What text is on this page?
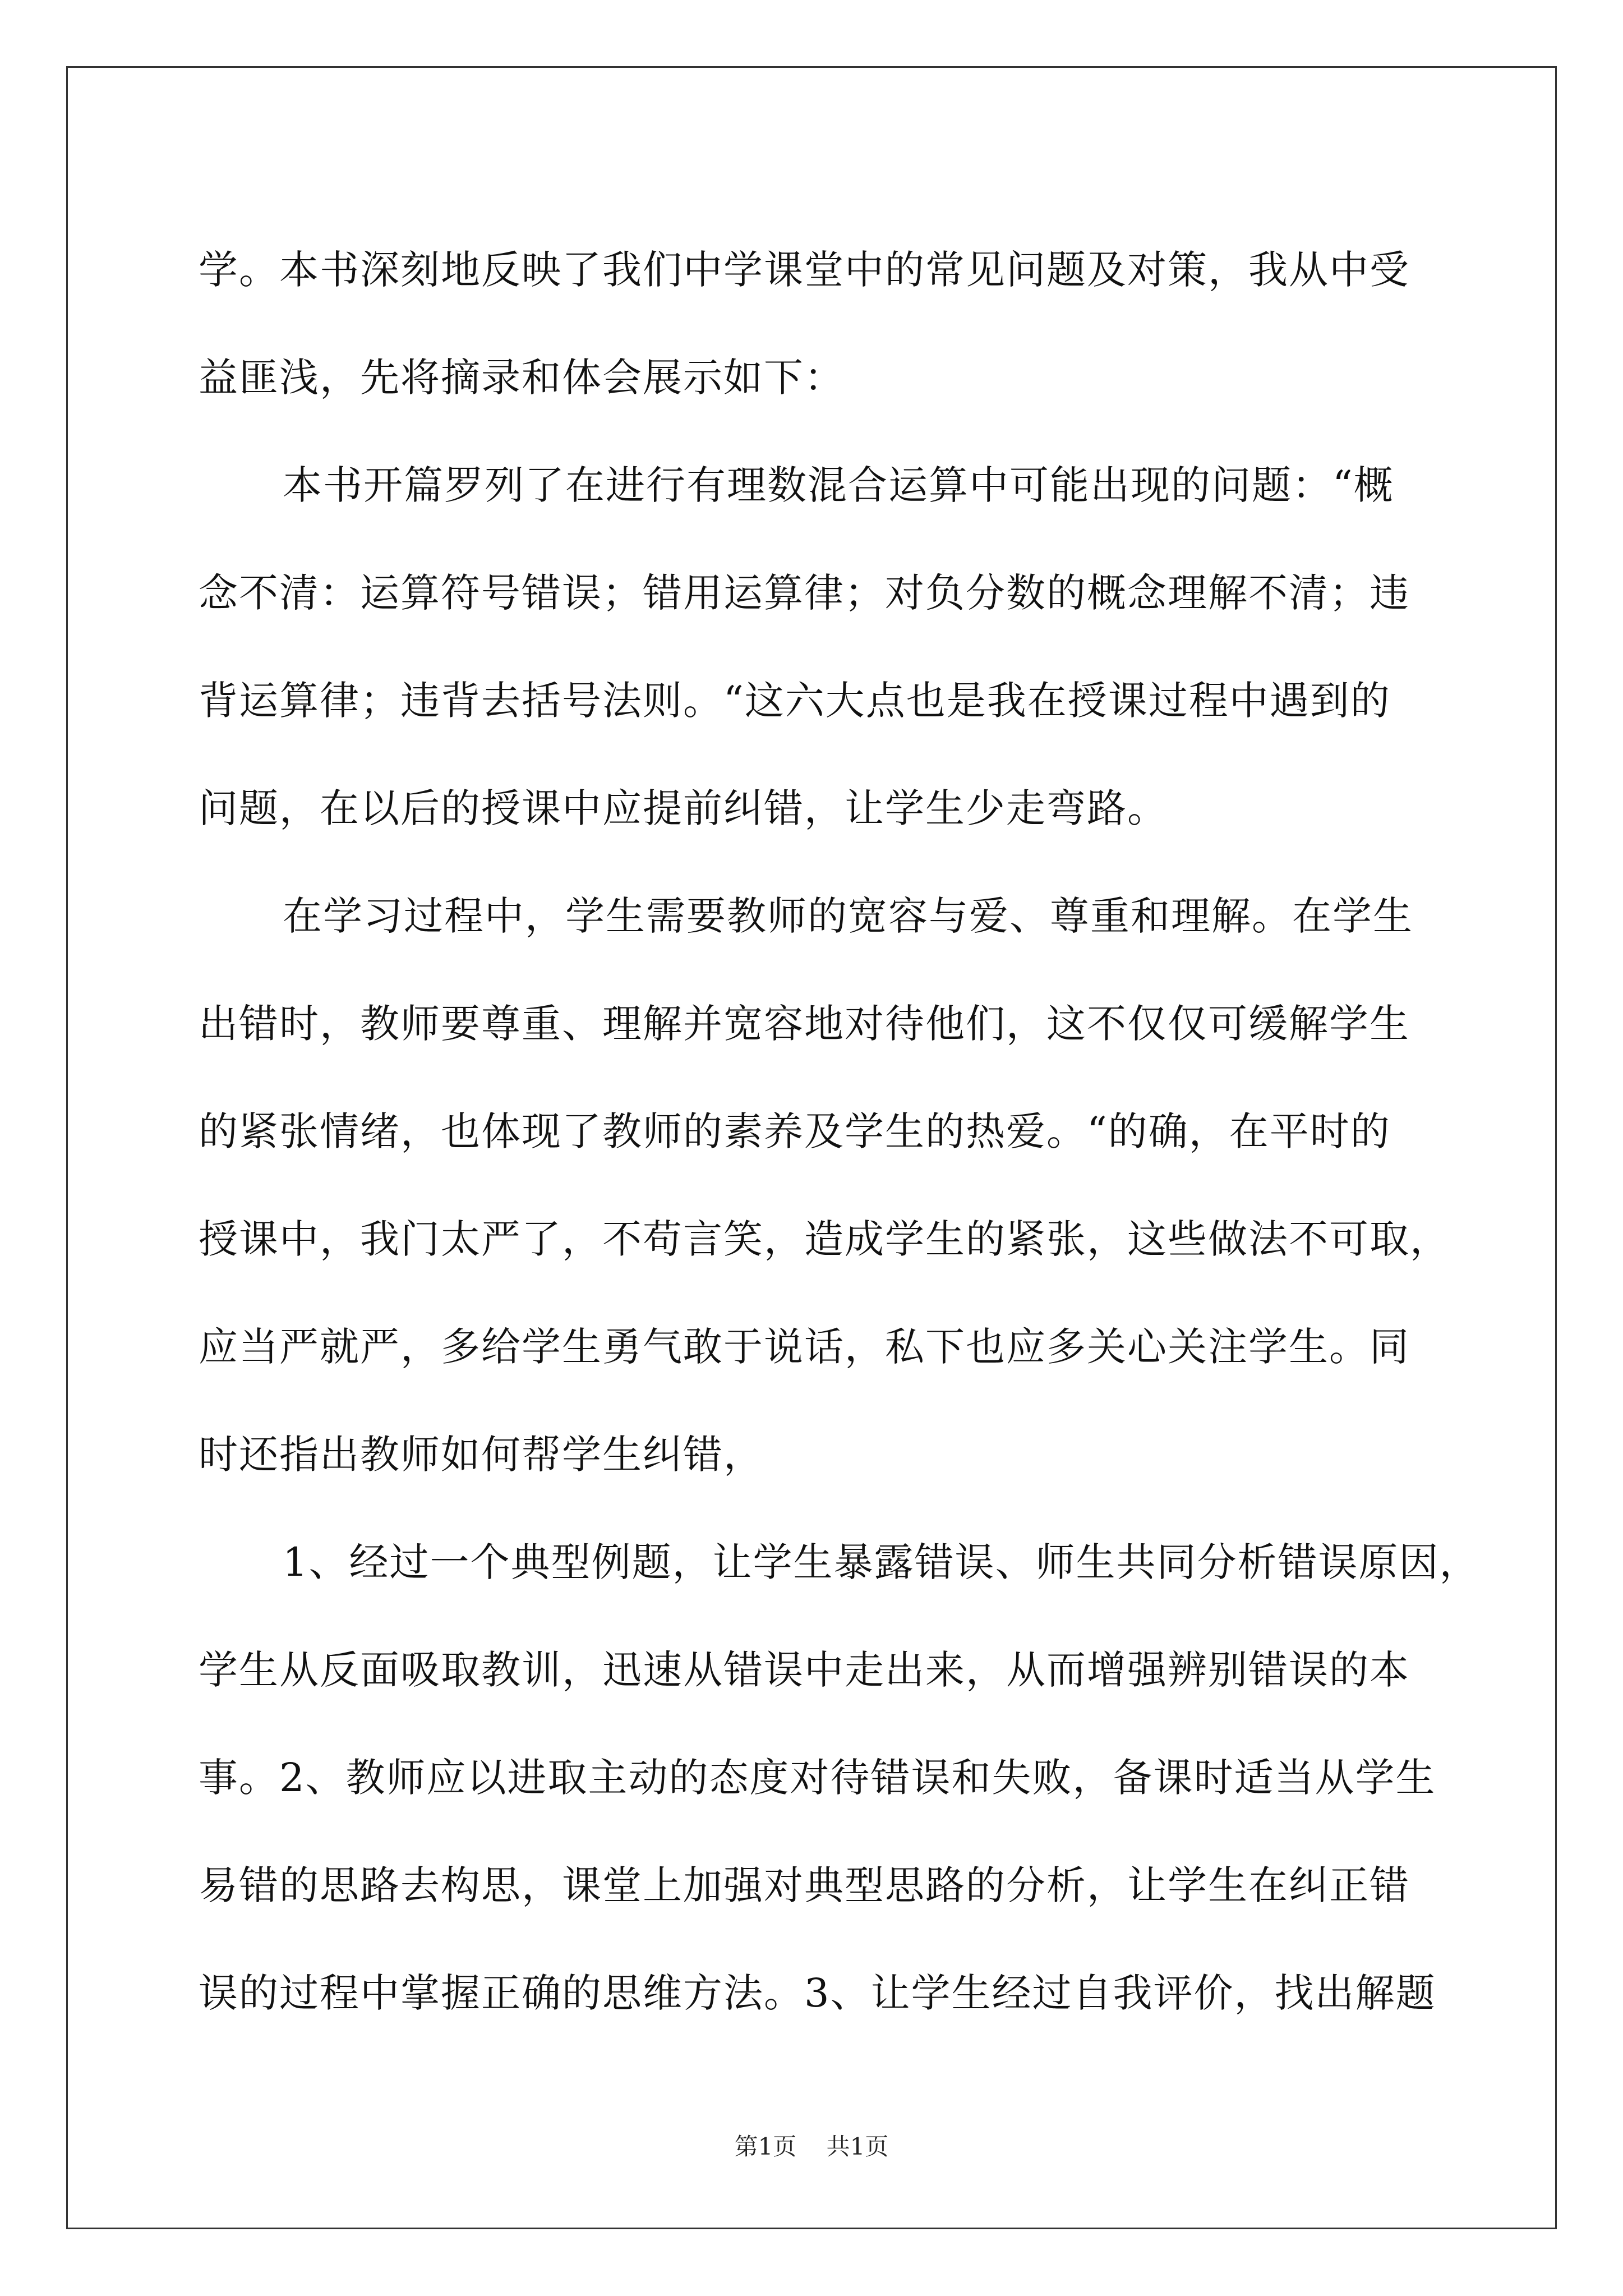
学。本书深刻地反映了我们中学课堂中的常见问题及对策，我从中受
益匪浅，先将摘录和体会展示如下：
本书开篇罗列了在进行有理数混合运算中可能出现的问题：“概
念不清：运算符号错误；错用运算律；对负分数的概念理解不清；违
背运算律；违背去括号法则。“这六大点也是我在授课过程中遇到的
问题，在以后的授课中应提前纠错，让学生少走弯路。
在学习过程中，学生需要教师的宽容与爱、尊重和理解。在学生
出错时，教师要尊重、理解并宽容地对待他们，这不仅仅可缓解学生
的紧张情绪，也体现了教师的素养及学生的热爱。“的确，在平时的
授课中，我门太严了，不苟言笑，造成学生的紧张，这些做法不可取，
应当严就严，多给学生勇气敢于说话，私下也应多关心关注学生。同
时还指出教师如何帮学生纠错，
1、经过一个典型例题，让学生暴露错误、师生共同分析错误原因，
学生从反面吸取教训，迅速从错误中走出来，从而增强辨别错误的本
事。2、教师应以进取主动的态度对待错误和失败，备课时适当从学生
易错的思路去构思，课堂上加强对典型思路的分析，让学生在纠正错
误的过程中掌握正确的思维方法。3、让学生经过自我评价，找出解题
第1页 共1页
